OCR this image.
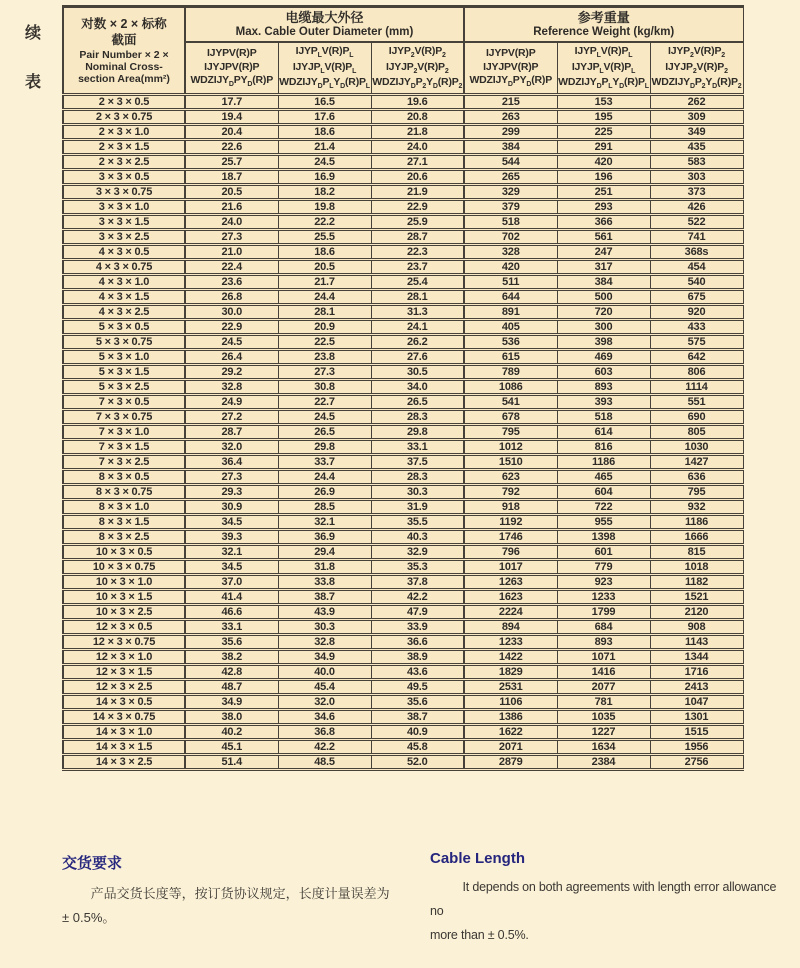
续

表

对数 × 2 × 标称
截面
Pair Number × 2 ×
Nominal Cross-
section Area(mm²)

电缆最大外径
Max. Cable Outer Diameter (mm)

参考重量
Reference Weight (kg/km)

	IJYPV(R)P
IJYJPV(R)P
$WDZIJY_DPY_D(R)P$	$IJYP_LV(R)P_L$
$IJYJP_LV(R)P_L$
$WDZIJY_DP_LY_D(R)P_L$	$IJYP_2V(R)P_2$
$IJYJP_2V(R)P_2$
$WDZIJY_DP_2Y_D(R)P_2$	IJYPV(R)P
IJYJPV(R)P
$WDZIJY_DPY_D(R)P$	$IJYP_LV(R)P_L$
$IJYJP_LV(R)P_L$
$WDZIJY_DP_LY_D(R)P_L$	$IJYP_2V(R)P_2$
$IJYJP_2V(R)P_2$
$WDZIJY_DP_2Y_D(R)P_2$
2 × 3 × 0.5	17.7	16.5	19.6	215	153	262
2 × 3 × 0.75	19.4	17.6	20.8	263	195	309
2 × 3 × 1.0	20.4	18.6	21.8	299	225	349
2 × 3 × 1.5	22.6	21.4	24.0	384	291	435
2 × 3 × 2.5	25.7	24.5	27.1	544	420	583
3 × 3 × 0.5	18.7	16.9	20.6	265	196	303
3 × 3 × 0.75	20.5	18.2	21.9	329	251	373
3 × 3 × 1.0	21.6	19.8	22.9	379	293	426
3 × 3 × 1.5	24.0	22.2	25.9	518	366	522
3 × 3 × 2.5	27.3	25.5	28.7	702	561	741
4 × 3 × 0.5	21.0	18.6	22.3	328	247	368s
4 × 3 × 0.75	22.4	20.5	23.7	420	317	454
4 × 3 × 1.0	23.6	21.7	25.4	511	384	540
4 × 3 × 1.5	26.8	24.4	28.1	644	500	675
4 × 3 × 2.5	30.0	28.1	31.3	891	720	920
5 × 3 × 0.5	22.9	20.9	24.1	405	300	433
5 × 3 × 0.75	24.5	22.5	26.2	536	398	575
5 × 3 × 1.0	26.4	23.8	27.6	615	469	642
5 × 3 × 1.5	29.2	27.3	30.5	789	603	806
5 × 3 × 2.5	32.8	30.8	34.0	1086	893	1114
7 × 3 × 0.5	24.9	22.7	26.5	541	393	551
7 × 3 × 0.75	27.2	24.5	28.3	678	518	690
7 × 3 × 1.0	28.7	26.5	29.8	795	614	805
7 × 3 × 1.5	32.0	29.8	33.1	1012	816	1030
7 × 3 × 2.5	36.4	33.7	37.5	1510	1186	1427
8 × 3 × 0.5	27.3	24.4	28.3	623	465	636
8 × 3 × 0.75	29.3	26.9	30.3	792	604	795
8 × 3 × 1.0	30.9	28.5	31.9	918	722	932
8 × 3 × 1.5	34.5	32.1	35.5	1192	955	1186
8 × 3 × 2.5	39.3	36.9	40.3	1746	1398	1666
10 × 3 × 0.5	32.1	29.4	32.9	796	601	815
10 × 3 × 0.75	34.5	31.8	35.3	1017	779	1018
10 × 3 × 1.0	37.0	33.8	37.8	1263	923	1182
10 × 3 × 1.5	41.4	38.7	42.2	1623	1233	1521
10 × 3 × 2.5	46.6	43.9	47.9	2224	1799	2120
12 × 3 × 0.5	33.1	30.3	33.9	894	684	908
12 × 3 × 0.75	35.6	32.8	36.6	1233	893	1143
12 × 3 × 1.0	38.2	34.9	38.9	1422	1071	1344
12 × 3 × 1.5	42.8	40.0	43.6	1829	1416	1716
12 × 3 × 2.5	48.7	45.4	49.5	2531	2077	2413
14 × 3 × 0.5	34.9	32.0	35.6	1106	781	1047
14 × 3 × 0.75	38.0	34.6	38.7	1386	1035	1301
14 × 3 × 1.0	40.2	36.8	40.9	1622	1227	1515
14 × 3 × 1.5	45.1	42.2	45.8	2071	1634	1956
14 × 3 × 2.5	51.4	48.5	52.0	2879	2384	2756
交货要求
产品交货长度等，按订货协议规定，长度计量误差为
± 0.5%。
Cable Length
It depends on both agreements with length error allowance no
more than ± 0.5%.
